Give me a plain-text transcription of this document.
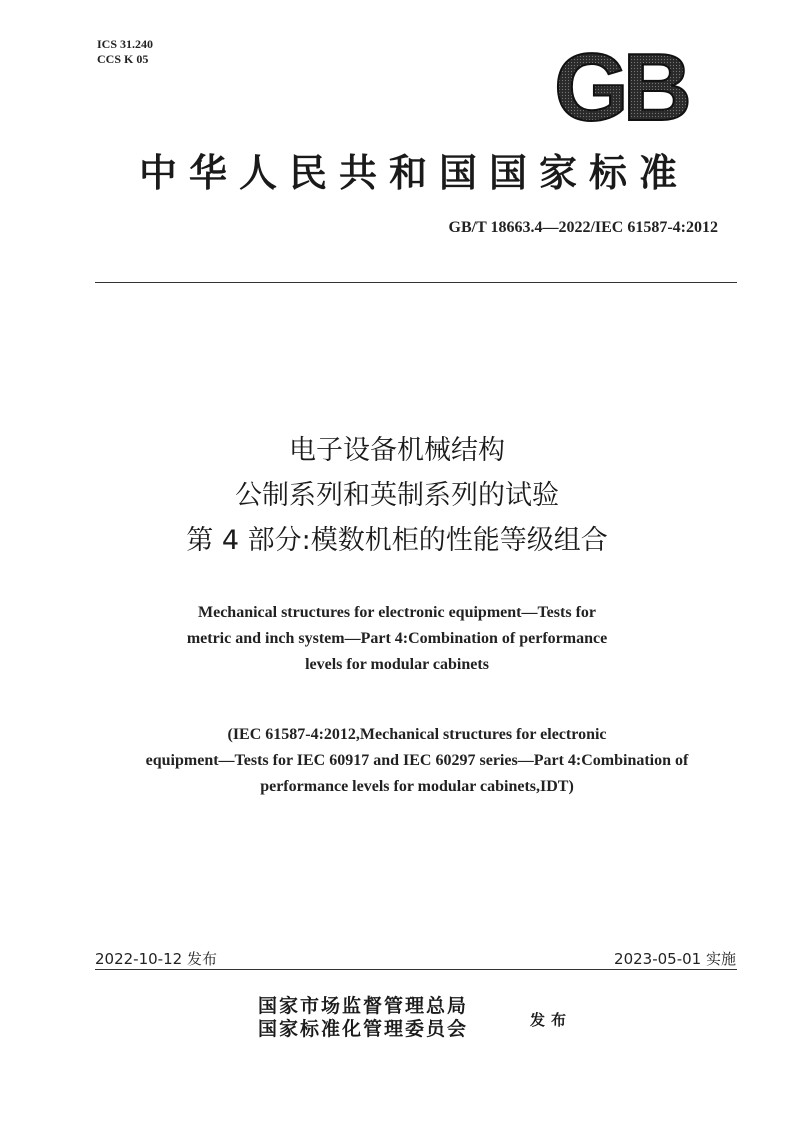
ICS 31.240
CCS K 05	GB
中华人民共和国国家标准
GB/T 18663.4—2022/IEC 61587-4:2012
电子设备机械结构
公制系列和英制系列的试验
第 4 部分:模数机柜的性能等级组合
Mechanical structures for electronic equipment—Tests for
metric and inch system—Part 4:Combination of performance
levels for modular cabinets
(IEC 61587-4:2012,Mechanical structures for electronic
equipment—Tests for IEC 60917 and IEC 60297 series—Part 4:Combination of
performance levels for modular cabinets,IDT)
2022-10-12 发布	2023-05-01 实施
国家市场监督管理总局
国家标准化管理委员会	发布
